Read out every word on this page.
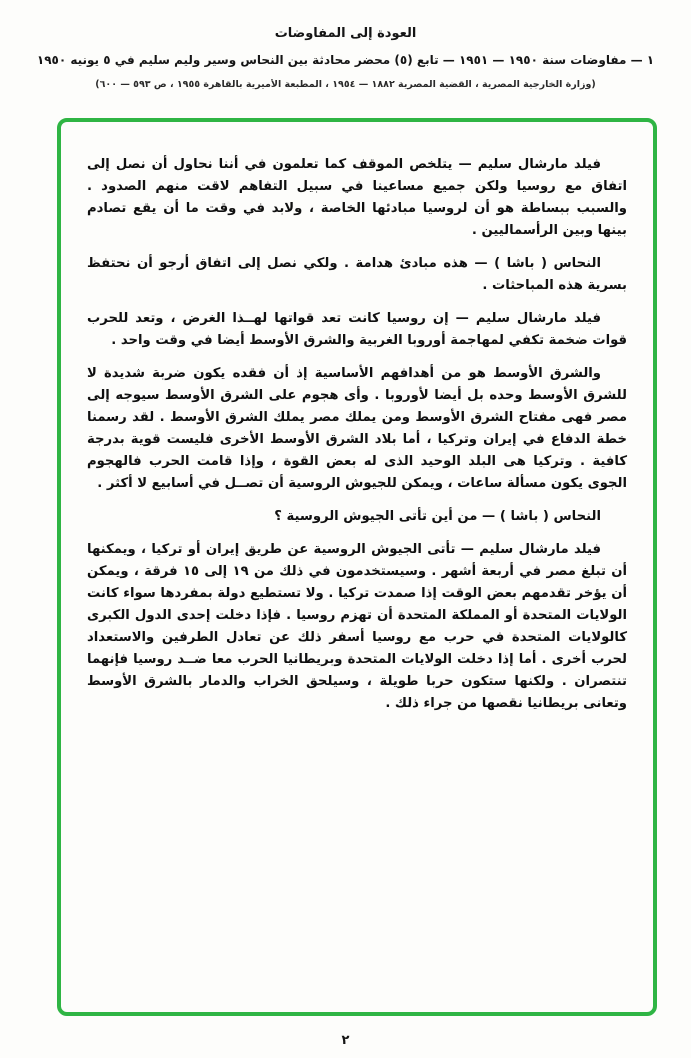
العودة إلى المفاوضات
١ — مفاوضات سنة ١٩٥٠ — ١٩٥١ — تابع (٥) محضر محادثة بين النحاس وسير وليم سليم في ٥ يونيه ١٩٥٠
(وزارة الخارجية المصرية ، القضية المصرية ١٨٨٢ — ١٩٥٤ ، المطبعة الأميرية بالقاهرة ١٩٥٥ ، ص ٥٩٣ — ٦٠٠)

فيلد مارشال سليم — يتلخص الموقف كما تعلمون في أننا نحاول أن نصل إلى اتفاق مع روسيا ولكن جميع مساعينا في سبيل التفاهم لاقت منهم الصدود . والسبب ببساطة هو أن لروسيا مبادئها الخاصة ، ولابد في وقت ما أن يقع تصادم بينها وبين الرأسماليين .

النحاس ( باشا ) — هذه مبادئ هدامة . ولكي نصل إلى اتفاق أرجو أن نحتفظ بسرية هذه المباحثات .

فيلد مارشال سليم — إن روسيا كانت تعد قواتها لهــذا الغرض ، وتعد للحرب قوات ضخمة تكفي لمهاجمة أوروبا الغربية والشرق الأوسط أيضا في وقت واحد .

والشرق الأوسط هو من أهدافهم الأساسية إذ أن فقده يكون ضربة شديدة لا للشرق الأوسط وحده بل أيضا لأوروبا . وأى هجوم على الشرق الأوسط سيوجه إلى مصر فهى مفتاح الشرق الأوسط ومن يملك مصر يملك الشرق الأوسط . لقد رسمنا خطة الدفاع في إيران وتركيا ، أما بلاد الشرق الأوسط الأخرى فليست قوية بدرجة كافية . وتركيا هى البلد الوحيد الذى له بعض القوة ، وإذا قامت الحرب فالهجوم الجوى يكون مسألة ساعات ، ويمكن للجيوش الروسية أن تصــل في أسابيع لا أكثر .

النحاس ( باشا ) — من أين تأتى الجيوش الروسية ؟

فيلد مارشال سليم — تأتى الجيوش الروسية عن طريق إيران أو تركيا ، ويمكنها أن تبلغ مصر في أربعة أشهر . وسيستخدمون في ذلك من ١٩ إلى ١٥ فرقة ، ويمكن أن يؤخر تقدمهم بعض الوقت إذا صمدت تركيا . ولا تستطيع دولة بمفردها سواء كانت الولايات المتحدة أو المملكة المتحدة أن تهزم روسيا . فإذا دخلت إحدى الدول الكبرى كالولايات المتحدة في حرب مع روسيا أسفر ذلك عن تعادل الطرفين والاستعداد لحرب أخرى . أما إذا دخلت الولايات المتحدة وبريطانيا الحرب معا ضــد روسيا فإنهما تنتصران . ولكنها ستكون حربا طويلة ، وسيلحق الخراب والدمار بالشرق الأوسط وتعانى بريطانيا نقصها من جراء ذلك .

٢
